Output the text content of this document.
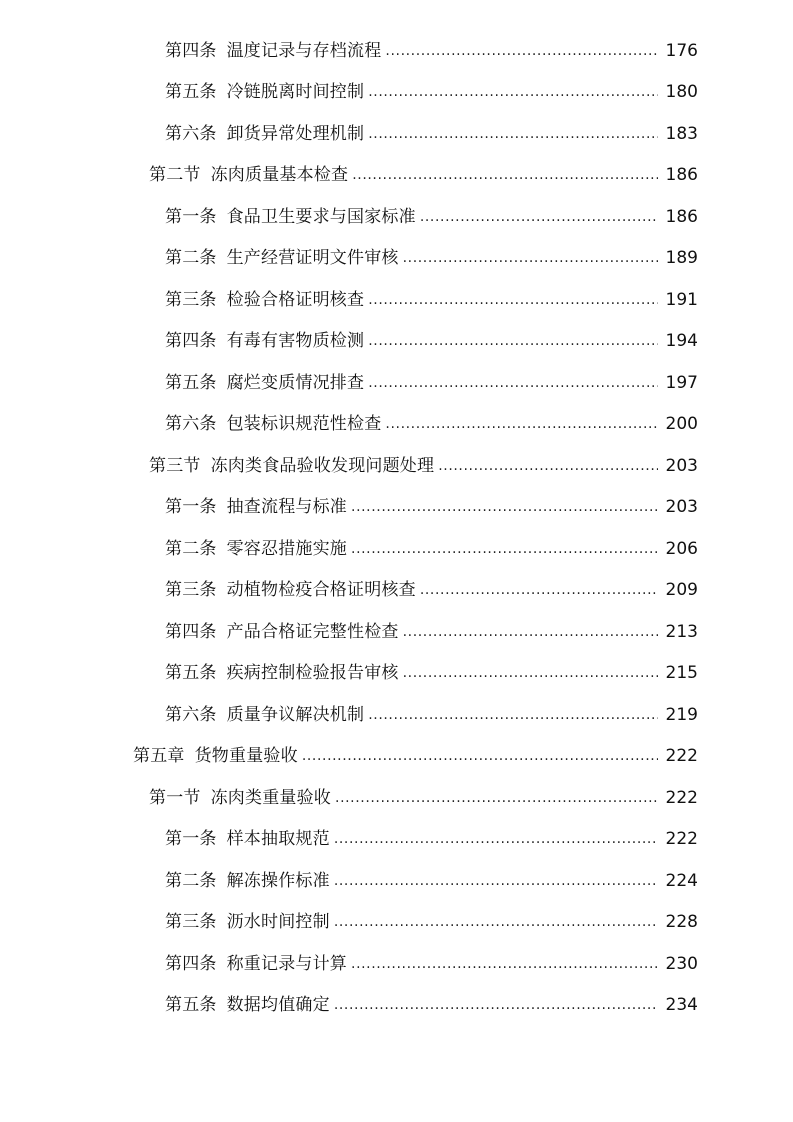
第四条 温度记录与存档流程 .....	176
第五条 冷链脱离时间控制 .....	180
第六条 卸货异常处理机制 .....	183
第二节 冻肉质量基本检查 .....	186
第一条 食品卫生要求与国家标准 .....	186
第二条 生产经营证明文件审核 .....	189
第三条 检验合格证明核查 .....	191
第四条 有毒有害物质检测 .....	194
第五条 腐烂变质情况排查 .....	197
第六条 包装标识规范性检查 .....	200
第三节 冻肉类食品验收发现问题处理 .....	203
第一条 抽查流程与标准 .....	203
第二条 零容忍措施实施 .....	206
第三条 动植物检疫合格证明核查 .....	209
第四条 产品合格证完整性检查 .....	213
第五条 疾病控制检验报告审核 .....	215
第六条 质量争议解决机制 .....	219
第五章 货物重量验收 .....	222
第一节 冻肉类重量验收 .....	222
第一条 样本抽取规范 .....	222
第二条 解冻操作标准 .....	224
第三条 沥水时间控制 .....	228
第四条 称重记录与计算 .....	230
第五条 数据均值确定 .....	234
